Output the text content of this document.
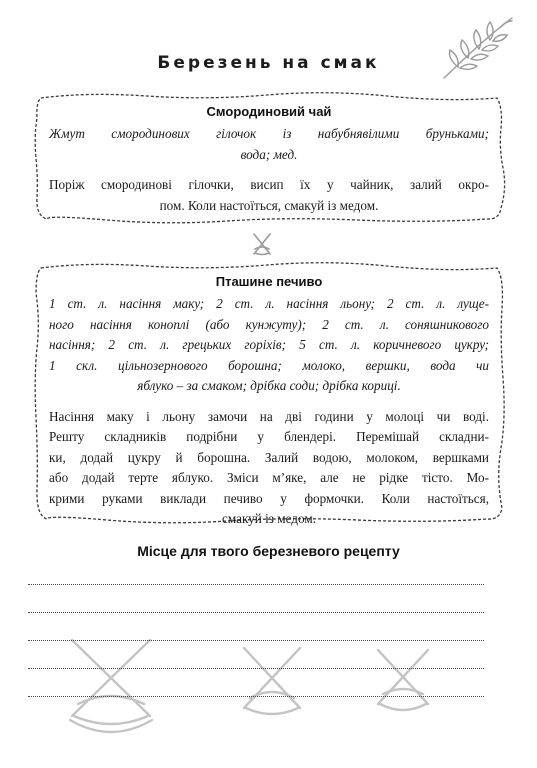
Березень на смак
Смородиновий чай
Жмут смородинових гілочок із набубнявілими бруньками;
вода; мед.
Поріж смородинові гілочки, висип їх у чайник, залий окро-
пом. Коли настоїться, смакуй із медом.
Пташине печиво
1 ст. л. насіння маку; 2 ст. л. насіння льону; 2 ст. л. лущe-
ного насіння коноплі (або кунжуту); 2 ст. л. соняшникового
насіння; 2 ст. л. грецьких горіхів; 5 ст. л. коричневого цукру;
1 скл. цільнозернового борошна; молоко, вершки, вода чи
яблуко – за смаком; дрібка соди; дрібка кориці.
Насіння маку і льону замочи на дві години у молоці чи воді.
Решту складників подрібни у блендері. Перемішай складни-
ки, додай цукру й борошна. Залий водою, молоком, вершками
або додай терте яблуко. Зміси м’яке, але не рідке тісто. Мо-
крими руками виклади печиво у формочки. Коли настоїться,
смакуй із медом.
Місце для твого березневого рецепту
